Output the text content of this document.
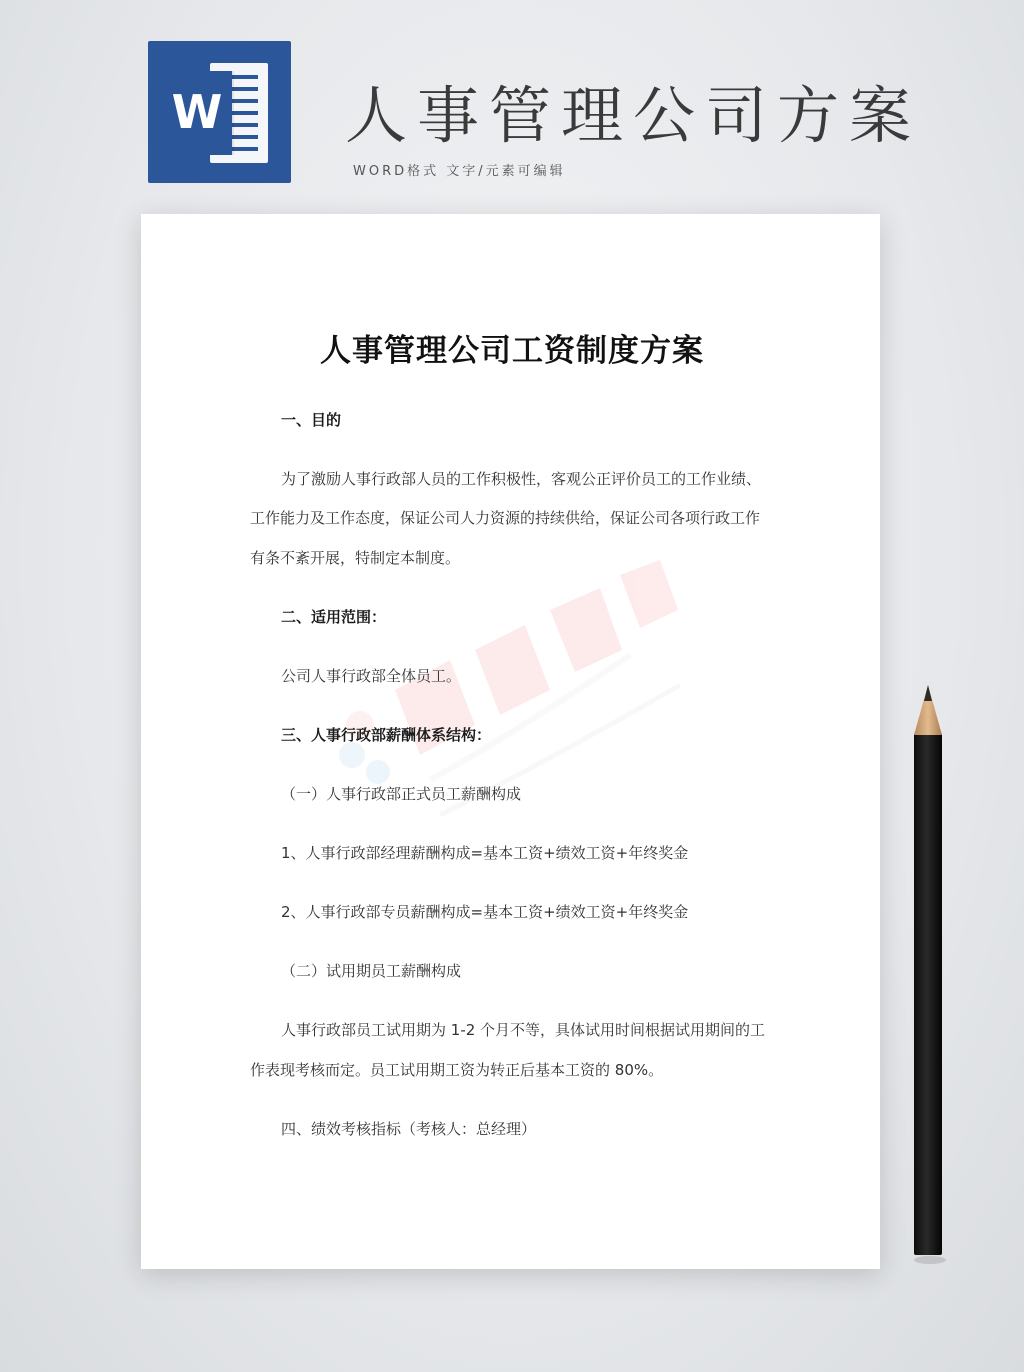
W 人事管理公司方案
WORD格式 文字/元素可编辑
人事管理公司工资制度方案
一、目的
为了激励人事行政部人员的工作积极性，客观公正评价员工的工作业绩、
工作能力及工作态度，保证公司人力资源的持续供给，保证公司各项行政工作
有条不紊开展，特制定本制度。
二、适用范围：
公司人事行政部全体员工。
三、人事行政部薪酬体系结构：
（一）人事行政部正式员工薪酬构成
1、人事行政部经理薪酬构成=基本工资+绩效工资+年终奖金
2、人事行政部专员薪酬构成=基本工资+绩效工资+年终奖金
（二）试用期员工薪酬构成
人事行政部员工试用期为 1-2 个月不等，具体试用时间根据试用期间的工
作表现考核而定。员工试用期工资为转正后基本工资的 80%。
四、绩效考核指标（考核人：总经理）
